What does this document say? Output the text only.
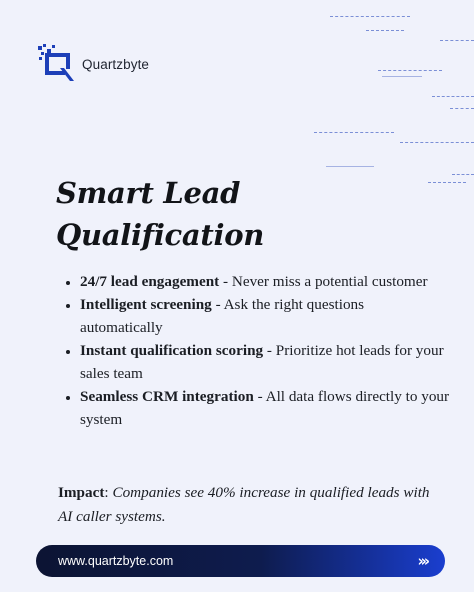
Quartzbyte
Smart Lead
Qualification
• 24/7 lead engagement - Never miss a potential customer
• Intelligent screening - Ask the right questions automatically
• Instant qualification scoring - Prioritize hot leads for your sales team
• Seamless CRM integration - All data flows directly to your system

Impact: Companies see 40% increase in qualified leads with AI caller systems.

www.quartzbyte.com	›››
